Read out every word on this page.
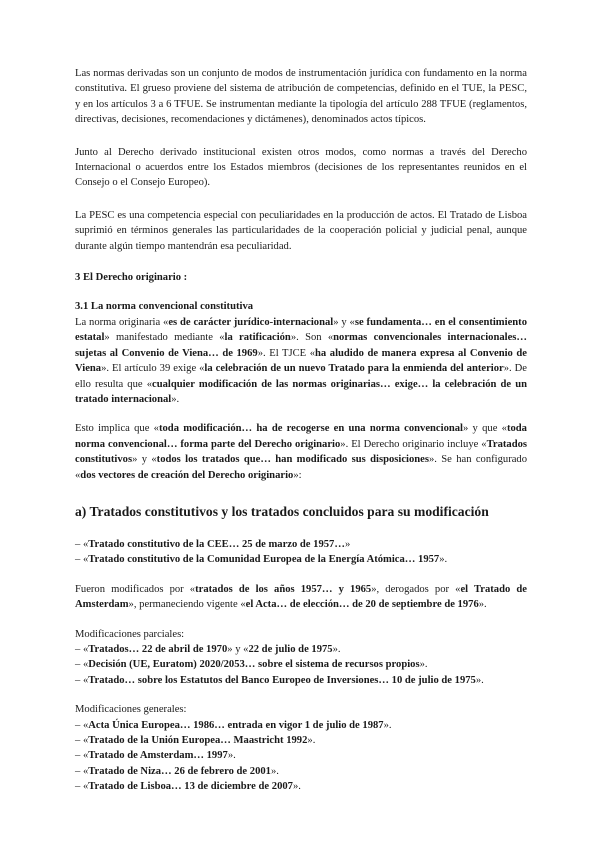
Las normas derivadas son un conjunto de modos de instrumentación jurídica con fundamento en la norma constitutiva. El grueso proviene del sistema de atribución de competencias, definido en el TUE, la PESC, y en los artículos 3 a 6 TFUE. Se instrumentan mediante la tipología del artículo 288 TFUE (reglamentos, directivas, decisiones, recomendaciones y dictámenes), denominados actos típicos.

Junto al Derecho derivado institucional existen otros modos, como normas a través del Derecho Internacional o acuerdos entre los Estados miembros (decisiones de los representantes reunidos en el Consejo o el Consejo Europeo).

La PESC es una competencia especial con peculiaridades en la producción de actos. El Tratado de Lisboa suprimió en términos generales las particularidades de la cooperación policial y judicial penal, aunque durante algún tiempo mantendrán esa peculiaridad.

3 El Derecho originario :
3.1 La norma convencional constitutiva

La norma originaria «es de carácter jurídico-internacional» y «se fundamenta… en el consentimiento estatal» manifestado mediante «la ratificación». Son «normas convencionales internacionales… sujetas al Convenio de Viena… de 1969». El TJCE «ha aludido de manera expresa al Convenio de Viena». El artículo 39 exige «la celebración de un nuevo Tratado para la enmienda del anterior». De ello resulta que «cualquier modificación de las normas originarias… exige… la celebración de un tratado internacional».

Esto implica que «toda modificación… ha de recogerse en una norma convencional» y que «toda norma convencional… forma parte del Derecho originario». El Derecho originario incluye «Tratados constitutivos» y «todos los tratados que… han modificado sus disposiciones». Se han configurado «dos vectores de creación del Derecho originario»:

a) Tratados constitutivos y los tratados concluidos para su modificación
– «Tratado constitutivo de la CEE… 25 de marzo de 1957…»
– «Tratado constitutivo de la Comunidad Europea de la Energía Atómica… 1957».

Fueron modificados por «tratados de los años 1957… y 1965», derogados por «el Tratado de Amsterdam», permaneciendo vigente «el Acta… de elección… de 20 de septiembre de 1976».

Modificaciones parciales:
– «Tratados… 22 de abril de 1970» y «22 de julio de 1975».
– «Decisión (UE, Euratom) 2020/2053… sobre el sistema de recursos propios».
– «Tratado… sobre los Estatutos del Banco Europeo de Inversiones… 10 de julio de 1975».
Modificaciones generales:
– «Acta Única Europea… 1986… entrada en vigor 1 de julio de 1987».
– «Tratado de la Unión Europea… Maastricht 1992».
– «Tratado de Amsterdam… 1997».
– «Tratado de Niza… 26 de febrero de 2001».
– «Tratado de Lisboa… 13 de diciembre de 2007».
